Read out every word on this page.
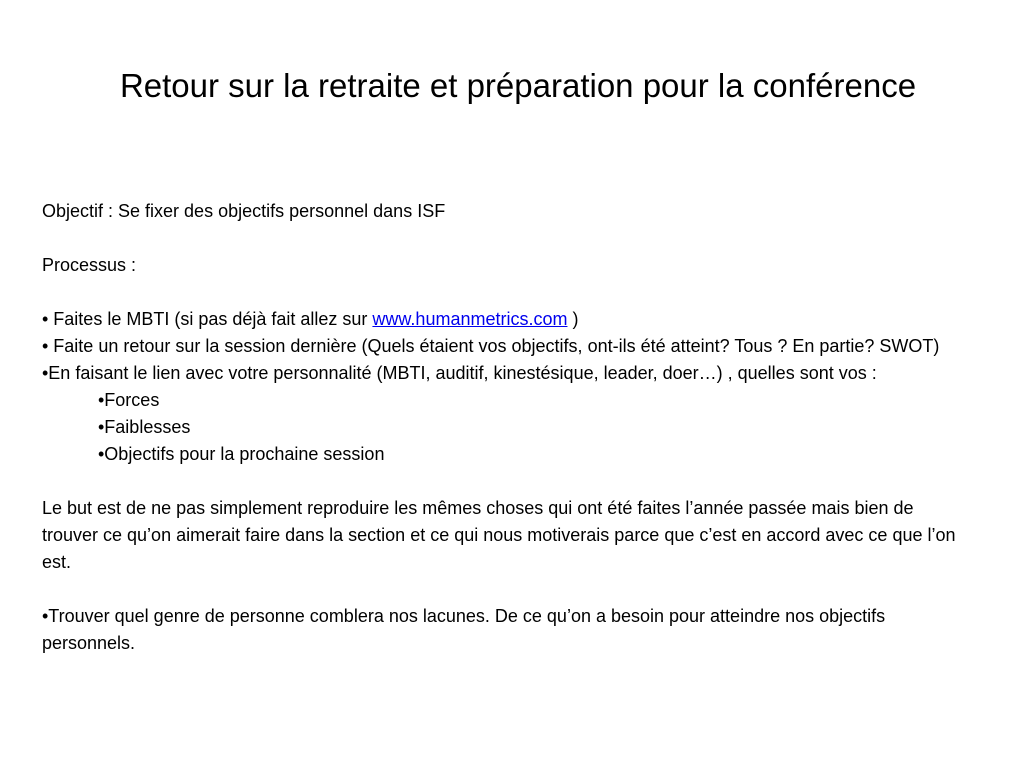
Retour sur la retraite et préparation pour la conférence
Objectif : Se fixer des objectifs personnel dans ISF
Processus :
• Faites le MBTI (si pas déjà fait allez sur www.humanmetrics.com )
• Faite un retour sur la session dernière (Quels étaient vos objectifs, ont-ils été atteint? Tous ? En partie? SWOT)
•En faisant le lien avec votre personnalité (MBTI, auditif, kinestésique, leader, doer…) , quelles sont vos :
•Forces
•Faiblesses
•Objectifs pour la prochaine session
Le but est de ne pas simplement reproduire les mêmes choses qui ont été faites l’année passée mais bien de trouver ce qu’on aimerait faire dans la section et ce qui nous motiverais parce que c’est en accord avec ce que l’on est.
•Trouver quel genre de personne comblera nos lacunes. De ce qu’on a besoin pour atteindre nos objectifs personnels.
